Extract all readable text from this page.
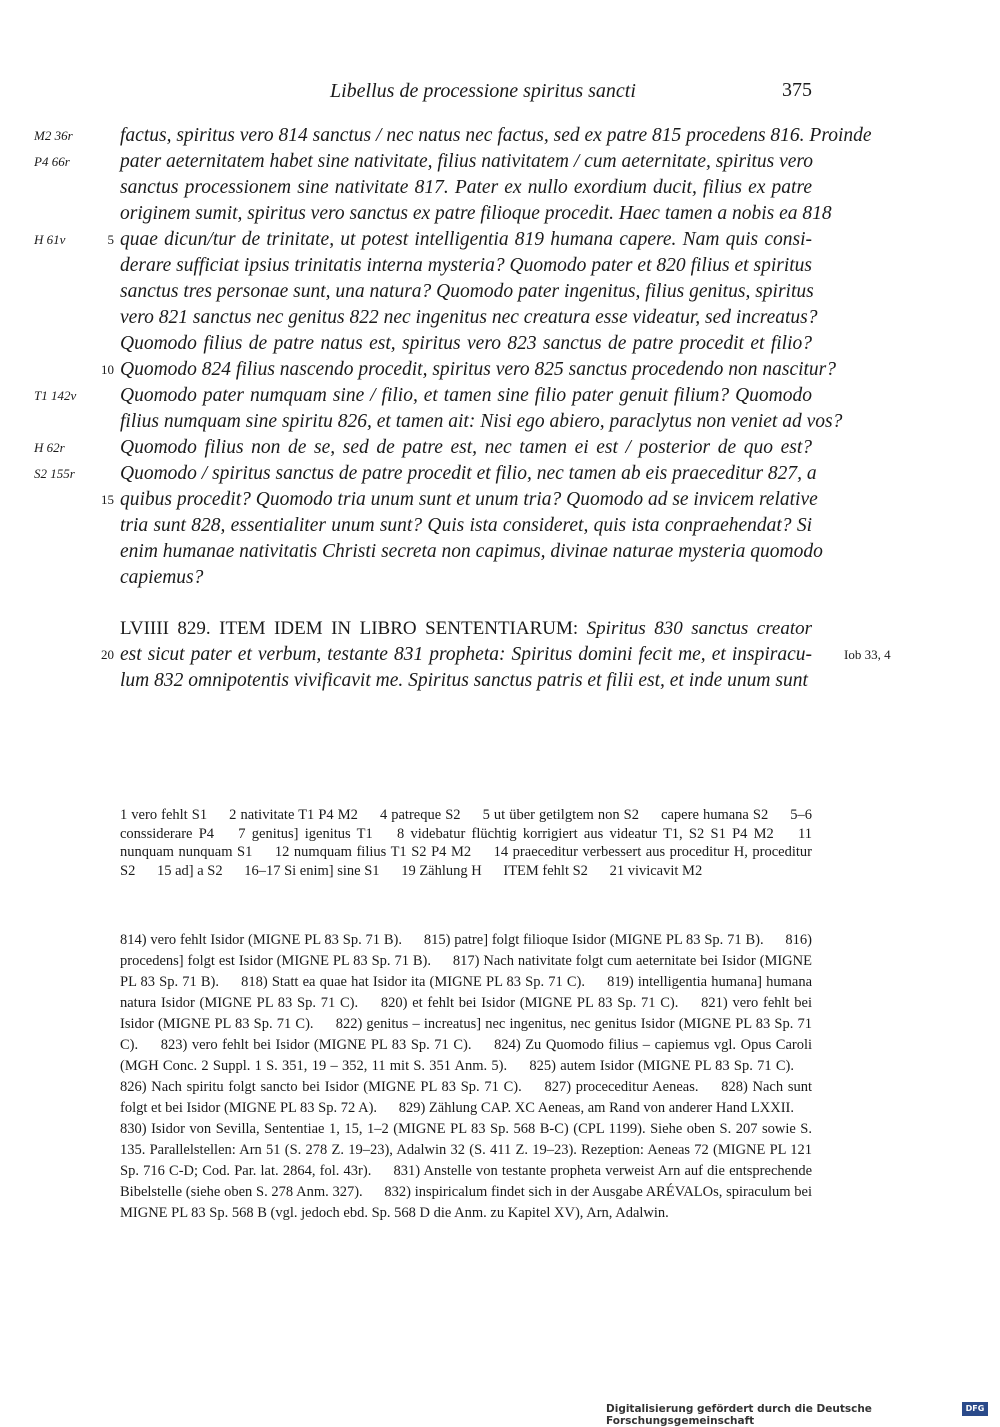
Libellus de processione spiritus sancti	375
M2 36r
P4 66r
H 61v
T1 142v
H 62r
S2 155r
5
10
15
20
factus, spiritus vero 814 sanctus / nec natus nec factus, sed ex patre 815 procedens 816. Proinde
pater aeternitatem habet sine nativitate, filius nativitatem / cum aeternitate, spiritus vero
sanctus processionem sine nativitate 817. Pater ex nullo exordium ducit, filius ex patre
originem sumit, spiritus vero sanctus ex patre filioque procedit. Haec tamen a nobis ea 818
quae dicun/tur de trinitate, ut potest intelligentia 819 humana capere. Nam quis consi-
derare sufficiat ipsius trinitatis interna mysteria? Quomodo pater et 820 filius et spiritus
sanctus tres personae sunt, una natura? Quomodo pater ingenitus, filius genitus, spiritus
vero 821 sanctus nec genitus 822 nec ingenitus nec creatura esse videatur, sed increatus?
Quomodo filius de patre natus est, spiritus vero 823 sanctus de patre procedit et filio?
Quomodo 824 filius nascendo procedit, spiritus vero 825 sanctus procedendo non nascitur?
Quomodo pater numquam sine / filio, et tamen sine filio pater genuit filium? Quomodo
filius numquam sine spiritu 826, et tamen ait: Nisi ego abiero, paraclytus non veniet ad vos?
Quomodo filius non de se, sed de patre est, nec tamen ei est / posterior de quo est?
Quomodo / spiritus sanctus de patre procedit et filio, nec tamen ab eis praeceditur 827, a
quibus procedit? Quomodo tria unum sunt et unum tria? Quomodo ad se invicem relative
tria sunt 828, essentialiter unum sunt? Quis ista consideret, quis ista conpraehendat? Si
enim humanae nativitatis Christi secreta non capimus, divinae naturae mysteria quomodo
capiemus?
LVIIII 829. ITEM IDEM IN LIBRO SENTENTIARUM: Spiritus 830 sanctus creator
est sicut pater et verbum, testante 831 propheta: Spiritus domini fecit me, et inspiracu-
lum 832 omnipotentis vivificavit me. Spiritus sanctus patris et filii est, et inde unum sunt
Iob 33, 4
1 vero fehlt S1 2 nativitate T1 P4 M2 4 patreque S2 5 ut über getilgtem non S2 capere humana S2 5–6 conssiderare P4 7 genitus] igenitus T1 8 videbatur flüchtig korrigiert aus videatur T1, S2 S1 P4 M2 11 nunquam nunquam S1 12 numquam filius T1 S2 P4 M2 14 praeceditur verbessert aus proceditur H, proceditur S2 15 ad] a S2 16–17 Si enim] sine S1 19 Zählung H ITEM fehlt S2 21 vivicavit M2
814) vero fehlt Isidor (MIGNE PL 83 Sp. 71 B). 815) patre] folgt filioque Isidor (MIGNE PL 83 Sp. 71 B). 816) procedens] folgt est Isidor (MIGNE PL 83 Sp. 71 B). 817) Nach nativitate folgt cum aeternitate bei Isidor (MIGNE PL 83 Sp. 71 B). 818) Statt ea quae hat Isidor ita (MIGNE PL 83 Sp. 71 C). 819) intelligentia humana] humana natura Isidor (MIGNE PL 83 Sp. 71 C). 820) et fehlt bei Isidor (MIGNE PL 83 Sp. 71 C). 821) vero fehlt bei Isidor (MIGNE PL 83 Sp. 71 C). 822) genitus – increatus] nec ingenitus, nec genitus Isidor (MIGNE PL 83 Sp. 71 C). 823) vero fehlt bei Isidor (MIGNE PL 83 Sp. 71 C). 824) Zu Quomodo filius – capiemus vgl. Opus Caroli (MGH Conc. 2 Suppl. 1 S. 351, 19 – 352, 11 mit S. 351 Anm. 5). 825) autem Isidor (MIGNE PL 83 Sp. 71 C). 826) Nach spiritu folgt sancto bei Isidor (MIGNE PL 83 Sp. 71 C). 827) proceceditur Aeneas. 828) Nach sunt folgt et bei Isidor (MIGNE PL 83 Sp. 72 A). 829) Zählung CAP. XC Aeneas, am Rand von anderer Hand LXXII. 830) Isidor von Sevilla, Sententiae 1, 15, 1–2 (MIGNE PL 83 Sp. 568 B-C) (CPL 1199). Siehe oben S. 207 sowie S. 135. Parallelstellen: Arn 51 (S. 278 Z. 19–23), Adalwin 32 (S. 411 Z. 19–23). Rezeption: Aeneas 72 (MIGNE PL 121 Sp. 716 C-D; Cod. Par. lat. 2864, fol. 43r). 831) Anstelle von testante propheta verweist Arn auf die entsprechende Bibelstelle (siehe oben S. 278 Anm. 327). 832) inspiricalum findet sich in der Ausgabe ARÉVALOs, spiraculum bei MIGNE PL 83 Sp. 568 B (vgl. jedoch ebd. Sp. 568 D die Anm. zu Kapitel XV), Arn, Adalwin.
Digitalisierung gefördert durch die Deutsche Forschungsgemeinschaft
DFG
